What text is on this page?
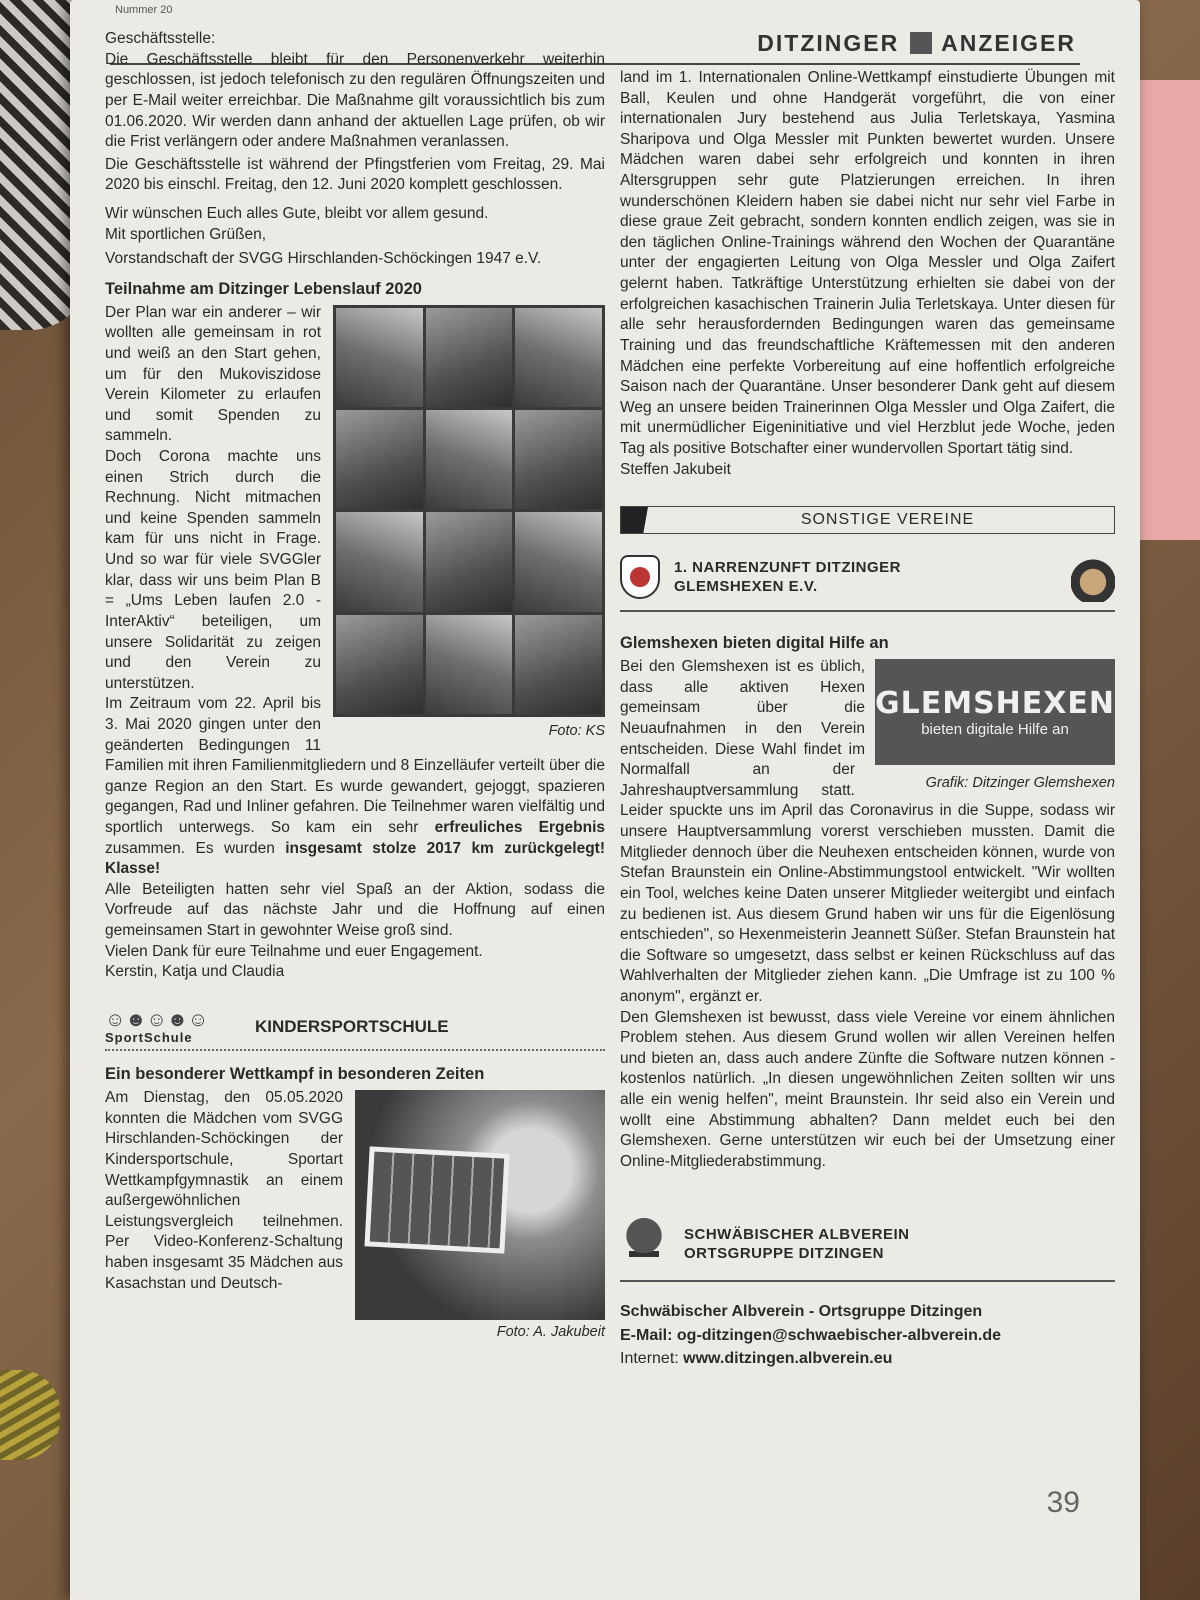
Nummer 20
DITZINGER ANZEIGER
Geschäftsstelle:

Die Geschäftsstelle bleibt für den Personenverkehr weiterhin geschlossen, ist jedoch telefonisch zu den regulären Öffnungszeiten und per E-Mail weiter erreichbar. Die Maßnahme gilt voraussichtlich bis zum 01.06.2020. Wir werden dann anhand der aktuellen Lage prüfen, ob wir die Frist verlängern oder andere Maßnahmen veranlassen.

Die Geschäftsstelle ist während der Pfingstferien vom Freitag, 29. Mai 2020 bis einschl. Freitag, den 12. Juni 2020 komplett geschlossen.

Wir wünschen Euch alles Gute, bleibt vor allem gesund.

Mit sportlichen Grüßen,

Vorstandschaft der SVGG Hirschlanden-Schöckingen 1947 e.V.

Teilnahme am Ditzinger Lebenslauf 2020
Foto: KS

Der Plan war ein anderer – wir wollten alle gemeinsam in rot und weiß an den Start gehen, um für den Mukoviszidose Verein Kilometer zu erlaufen und somit Spenden zu sammeln.

Doch Corona machte uns einen Strich durch die Rechnung. Nicht mitmachen und keine Spenden sammeln kam für uns nicht in Frage. Und so war für viele SVGGler klar, dass wir uns beim Plan B = „Ums Leben laufen 2.0 - InterAktiv“ beteiligen, um unsere Solidarität zu zeigen und den Verein zu unterstützen.

Im Zeitraum vom 22. April bis 3. Mai 2020 gingen unter den geänderten Bedingungen 11 Familien mit ihren Familienmitgliedern und 8 Einzelläufer verteilt über die ganze Region an den Start. Es wurde gewandert, gejoggt, spazieren gegangen, Rad und Inliner gefahren. Die Teilnehmer waren vielfältig und sportlich unterwegs. So kam ein sehr erfreuliches Ergebnis zusammen. Es wurden insgesamt stolze 2017 km zurückgelegt! Klasse!

Alle Beteiligten hatten sehr viel Spaß an der Aktion, sodass die Vorfreude auf das nächste Jahr und die Hoffnung auf einen gemeinsamen Start in gewohnter Weise groß sind.

Vielen Dank für eure Teilnahme und euer Engagement.

Kerstin, Katja und Claudia

☺☻☺☻☺
SportSchule
KINDERSPORTSCHULE
Ein besonderer Wettkampf in besonderen Zeiten

Am Dienstag, den 05.05.2020 konnten die Mädchen vom SVGG Hirschlanden-Schöckingen der Kindersportschule, Sportart Wettkampfgymnastik an einem außergewöhnlichen Leistungsvergleich teilnehmen. Per Video-Konferenz-Schaltung haben insgesamt 35 Mädchen aus Kasachstan und Deutsch-

Foto: A. Jakubeit

land im 1. Internationalen Online-Wettkampf einstudierte Übungen mit Ball, Keulen und ohne Handgerät vorgeführt, die von einer internationalen Jury bestehend aus Julia Terletskaya, Yasmina Sharipova und Olga Messler mit Punkten bewertet wurden. Unsere Mädchen waren dabei sehr erfolgreich und konnten in ihren Altersgruppen sehr gute Platzierungen erreichen. In ihren wunderschönen Kleidern haben sie dabei nicht nur sehr viel Farbe in diese graue Zeit gebracht, sondern konnten endlich zeigen, was sie in den täglichen Online-Trainings während den Wochen der Quarantäne unter der engagierten Leitung von Olga Messler und Olga Zaifert gelernt haben. Tatkräftige Unterstützung erhielten sie dabei von der erfolgreichen kasachischen Trainerin Julia Terletskaya. Unter diesen für alle sehr herausfordernden Bedingungen waren das gemeinsame Training und das freundschaftliche Kräftemessen mit den anderen Mädchen eine perfekte Vorbereitung auf eine hoffentlich erfolgreiche Saison nach der Quarantäne. Unser besonderer Dank geht auf diesem Weg an unsere beiden Trainerinnen Olga Messler und Olga Zaifert, die mit unermüdlicher Eigeninitiative und viel Herzblut jede Woche, jeden Tag als positive Botschafter einer wundervollen Sportart tätig sind.

Steffen Jakubeit

SONSTIGE VEREINE
1. NARRENZUNFT DITZINGER
GLEMSHEXEN E.V.
Glemshexen bieten digital Hilfe an
GLEMSHEXEN
bieten digitale Hilfe an
Grafik: Ditzinger Glemshexen

Bei den Glemshexen ist es üblich, dass alle aktiven Hexen gemeinsam über die Neuaufnahmen in den Verein entscheiden. Diese Wahl findet im Normalfall an der Jahreshauptversammlung statt. Leider spuckte uns im April das Coronavirus in die Suppe, sodass wir unsere Hauptversammlung vorerst verschieben mussten. Damit die Mitglieder dennoch über die Neuhexen entscheiden können, wurde von Stefan Braunstein ein Online-Abstimmungstool entwickelt. "Wir wollten ein Tool, welches keine Daten unserer Mitglieder weitergibt und einfach zu bedienen ist. Aus diesem Grund haben wir uns für die Eigenlösung entschieden", so Hexenmeisterin Jeannett Süßer. Stefan Braunstein hat die Software so umgesetzt, dass selbst er keinen Rückschluss auf das Wahlverhalten der Mitglieder ziehen kann. „Die Umfrage ist zu 100 % anonym", ergänzt er.

Den Glemshexen ist bewusst, dass viele Vereine vor einem ähnlichen Problem stehen. Aus diesem Grund wollen wir allen Vereinen helfen und bieten an, dass auch andere Zünfte die Software nutzen können - kostenlos natürlich. „In diesen ungewöhnlichen Zeiten sollten wir uns alle ein wenig helfen", meint Braunstein. Ihr seid also ein Verein und wollt eine Abstimmung abhalten? Dann meldet euch bei den Glemshexen. Gerne unterstützen wir euch bei der Umsetzung einer Online-Mitgliederabstimmung.

SCHWÄBISCHER ALBVEREIN
ORTSGRUPPE DITZINGEN
Schwäbischer Albverein - Ortsgruppe Ditzingen
E-Mail: og-ditzingen@schwaebischer-albverein.de
Internet: www.ditzingen.albverein.eu
39
